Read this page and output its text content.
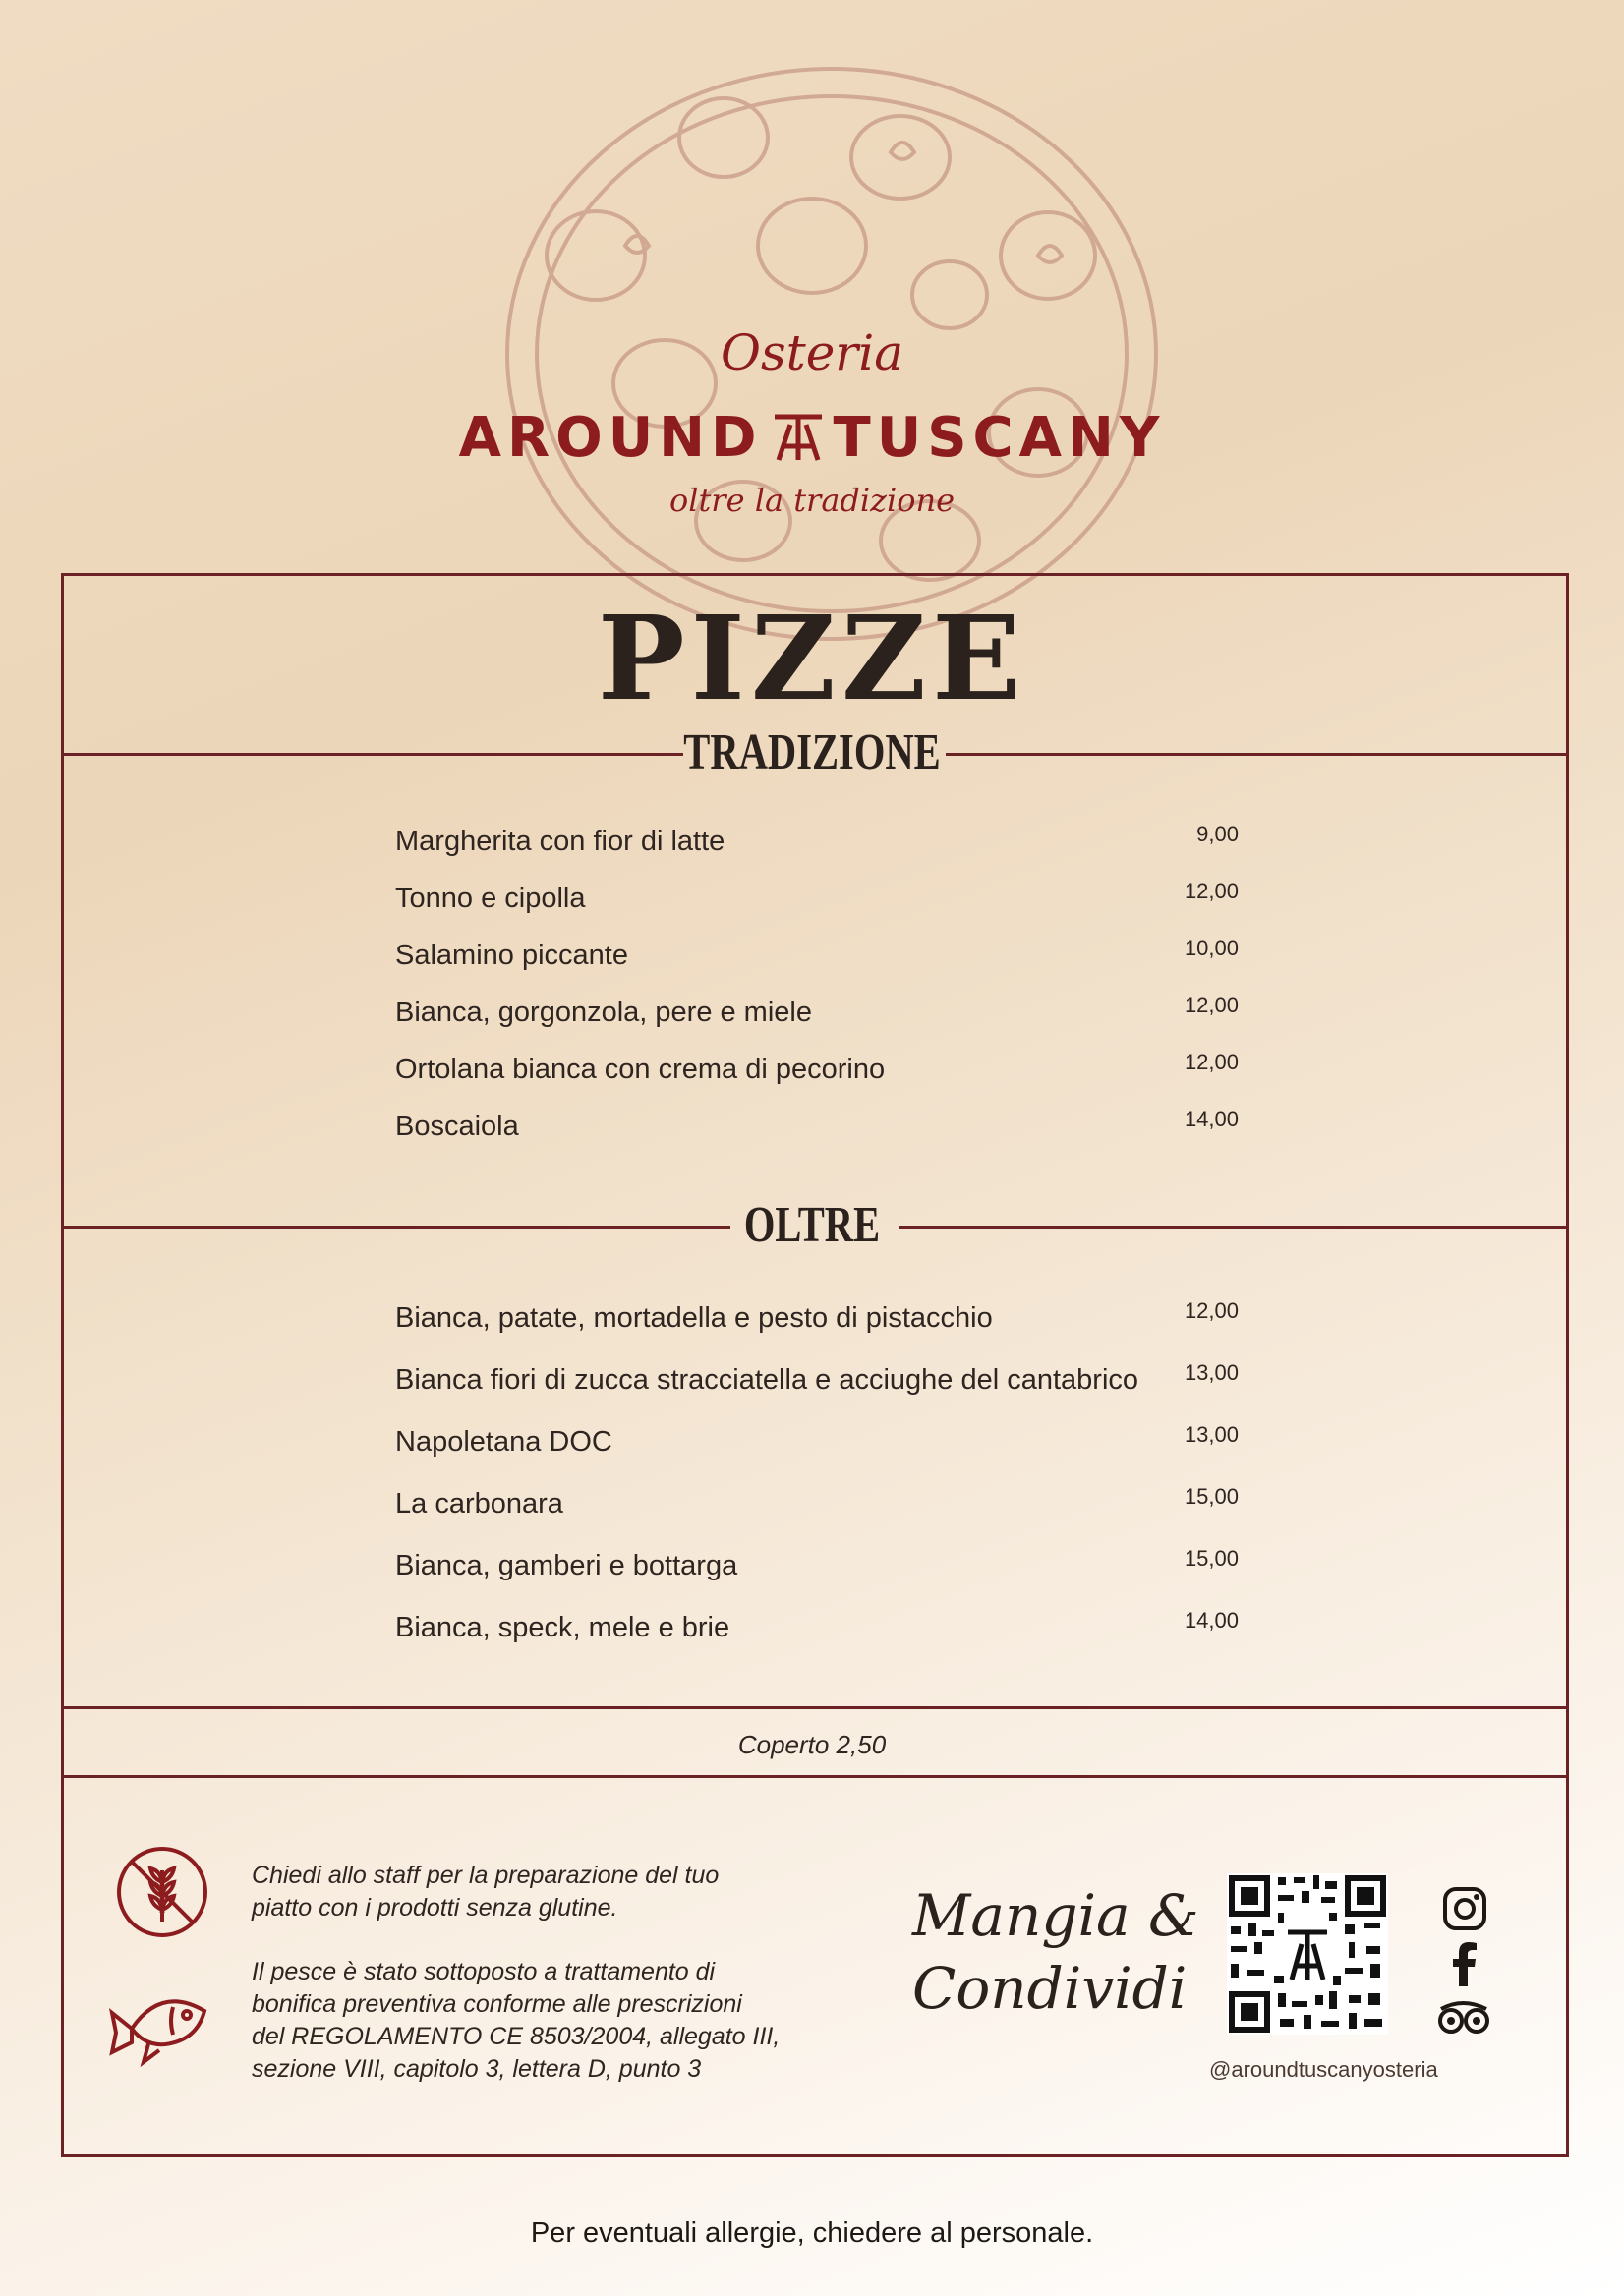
Osteria
AROUND TUSCANY
oltre la tradizione
PIZZE
TRADIZIONE
Margherita con fior di latte	9,00
Tonno e cipolla	12,00
Salamino piccante	10,00
Bianca, gorgonzola, pere e miele	12,00
Ortolana bianca con crema di pecorino	12,00
Boscaiola	14,00
OLTRE
Bianca, patate, mortadella e pesto di pistacchio	12,00
Bianca fiori di zucca stracciatella e acciughe del cantabrico 13,00
Napoletana DOC	13,00
La carbonara	15,00
Bianca, gamberi e bottarga	15,00
Bianca, speck, mele e brie	14,00
Coperto 2,50
Chiedi allo staff per la preparazione del tuo
piatto con i prodotti senza glutine.
Il pesce è stato sottoposto a trattamento di
bonifica preventiva conforme alle prescrizioni
del REGOLAMENTO CE 8503/2004, allegato III,
sezione VIII, capitolo 3, lettera D, punto 3
Mangia &
Condividi
@aroundtuscanyosteria
Per eventuali allergie, chiedere al personale.
